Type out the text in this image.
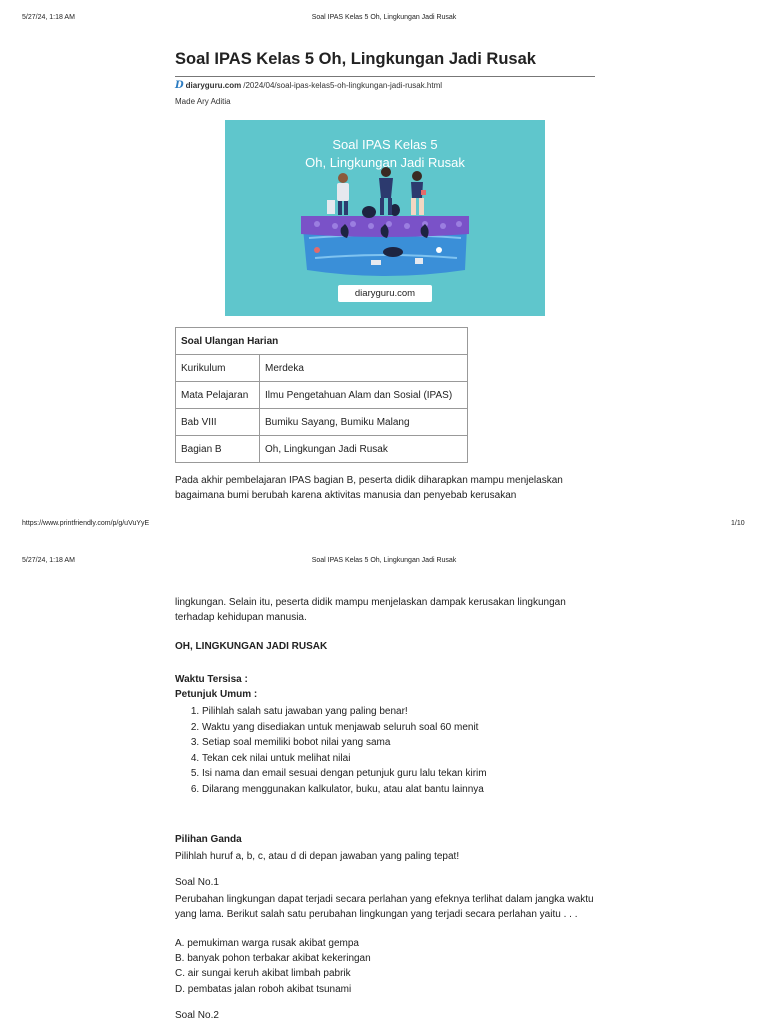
5/27/24, 1:18 AM	Soal IPAS Kelas 5 Oh, Lingkungan Jadi Rusak
Soal IPAS Kelas 5 Oh, Lingkungan Jadi Rusak
D diaryguru.com /2024/04/soal-ipas-kelas5-oh-lingkungan-jadi-rusak.html
Made Ary Aditia
Soal IPAS Kelas 5
Oh, Lingkungan Jadi Rusak
diaryguru.com
Soal Ulangan Harian	
Kurikulum	Merdeka
Mata Pelajaran	Ilmu Pengetahuan Alam dan Sosial (IPAS)
Bab VIII	Bumiku Sayang, Bumiku Malang
Bagian B	Oh, Lingkungan Jadi Rusak

Pada akhir pembelajaran IPAS bagian B, peserta didik diharapkan mampu menjelaskan bagaimana bumi berubah karena aktivitas manusia dan penyebab kerusakan

https://www.printfriendly.com/p/g/uVuYyE	1/10
5/27/24, 1:18 AM	Soal IPAS Kelas 5 Oh, Lingkungan Jadi Rusak

lingkungan. Selain itu, peserta didik mampu menjelaskan dampak kerusakan lingkungan terhadap kehidupan manusia.

OH, LINGKUNGAN JADI RUSAK
Waktu Tersisa :
Petunjuk Umum :
1. Pilihlah salah satu jawaban yang paling benar!
2. Waktu yang disediakan untuk menjawab seluruh soal 60 menit
3. Setiap soal memiliki bobot nilai yang sama
4. Tekan cek nilai untuk melihat nilai
5. Isi nama dan email sesuai dengan petunjuk guru lalu tekan kirim
6. Dilarang menggunakan kalkulator, buku, atau alat bantu lainnya
Pilihan Ganda
Pilihlah huruf a, b, c, atau d di depan jawaban yang paling tepat!
Soal No.1

Perubahan lingkungan dapat terjadi secara perlahan yang efeknya terlihat dalam jangka waktu yang lama. Berikut salah satu perubahan lingkungan yang terjadi secara perlahan yaitu . . .

A. pemukiman warga rusak akibat gempa
B. banyak pohon terbakar akibat kekeringan
C. air sungai keruh akibat limbah pabrik
D. pembatas jalan roboh akibat tsunami
Soal No.2
